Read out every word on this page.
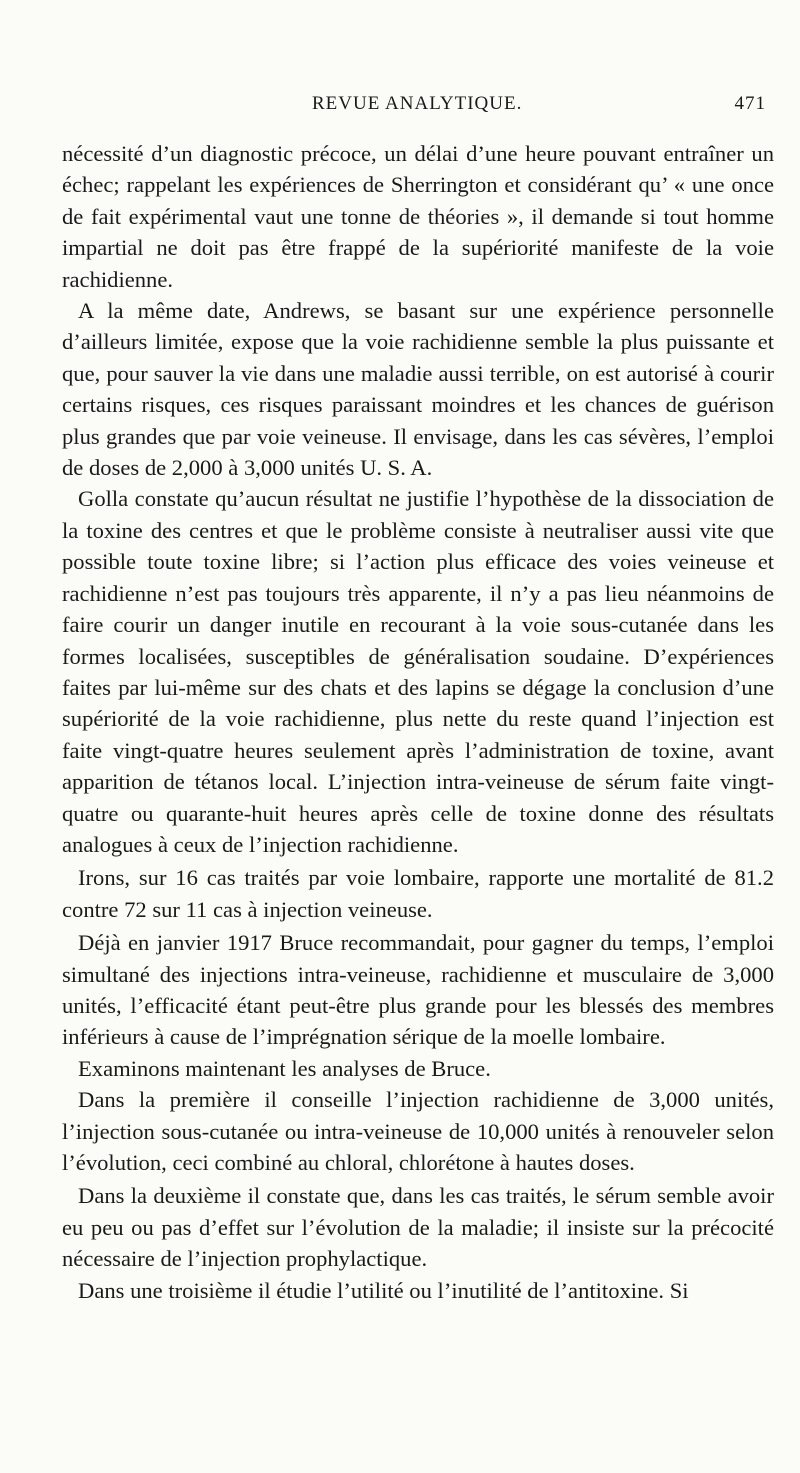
REVUE ANALYTIQUE.	471

nécessité d’un diagnostic précoce, un délai d’une heure pouvant entraîner un échec; rappelant les expériences de Sherrington et considérant qu’ « une once de fait expérimental vaut une tonne de théories », il demande si tout homme impartial ne doit pas être frappé de la supériorité manifeste de la voie rachidienne.

A la même date, Andrews, se basant sur une expérience personnelle d’ailleurs limitée, expose que la voie rachidienne semble la plus puissante et que, pour sauver la vie dans une maladie aussi terrible, on est autorisé à courir certains risques, ces risques paraissant moindres et les chances de guérison plus grandes que par voie veineuse. Il envisage, dans les cas sévères, l’emploi de doses de 2,000 à 3,000 unités U. S. A.

Golla constate qu’aucun résultat ne justifie l’hypothèse de la dissociation de la toxine des centres et que le problème consiste à neutraliser aussi vite que possible toute toxine libre; si l’action plus efficace des voies veineuse et rachidienne n’est pas toujours très apparente, il n’y a pas lieu néanmoins de faire courir un danger inutile en recourant à la voie sous-cutanée dans les formes localisées, susceptibles de généralisation soudaine. D’expériences faites par lui-même sur des chats et des lapins se dégage la conclusion d’une supériorité de la voie rachidienne, plus nette du reste quand l’injection est faite vingt-quatre heures seulement après l’administration de toxine, avant apparition de tétanos local. L’injection intra-veineuse de sérum faite vingt-quatre ou quarante-huit heures après celle de toxine donne des résultats analogues à ceux de l’injection rachidienne.

Irons, sur 16 cas traités par voie lombaire, rapporte une mortalité de 81.2 contre 72 sur 11 cas à injection veineuse.

Déjà en janvier 1917 Bruce recommandait, pour gagner du temps, l’emploi simultané des injections intra-veineuse, rachidienne et musculaire de 3,000 unités, l’efficacité étant peut-être plus grande pour les blessés des membres inférieurs à cause de l’imprégnation sérique de la moelle lombaire.

Examinons maintenant les analyses de Bruce.

Dans la première il conseille l’injection rachidienne de 3,000 unités, l’injection sous-cutanée ou intra-veineuse de 10,000 unités à renouveler selon l’évolution, ceci combiné au chloral, chlorétone à hautes doses.

Dans la deuxième il constate que, dans les cas traités, le sérum semble avoir eu peu ou pas d’effet sur l’évolution de la maladie; il insiste sur la précocité nécessaire de l’injection prophylactique.

Dans une troisième il étudie l’utilité ou l’inutilité de l’antitoxine. Si
